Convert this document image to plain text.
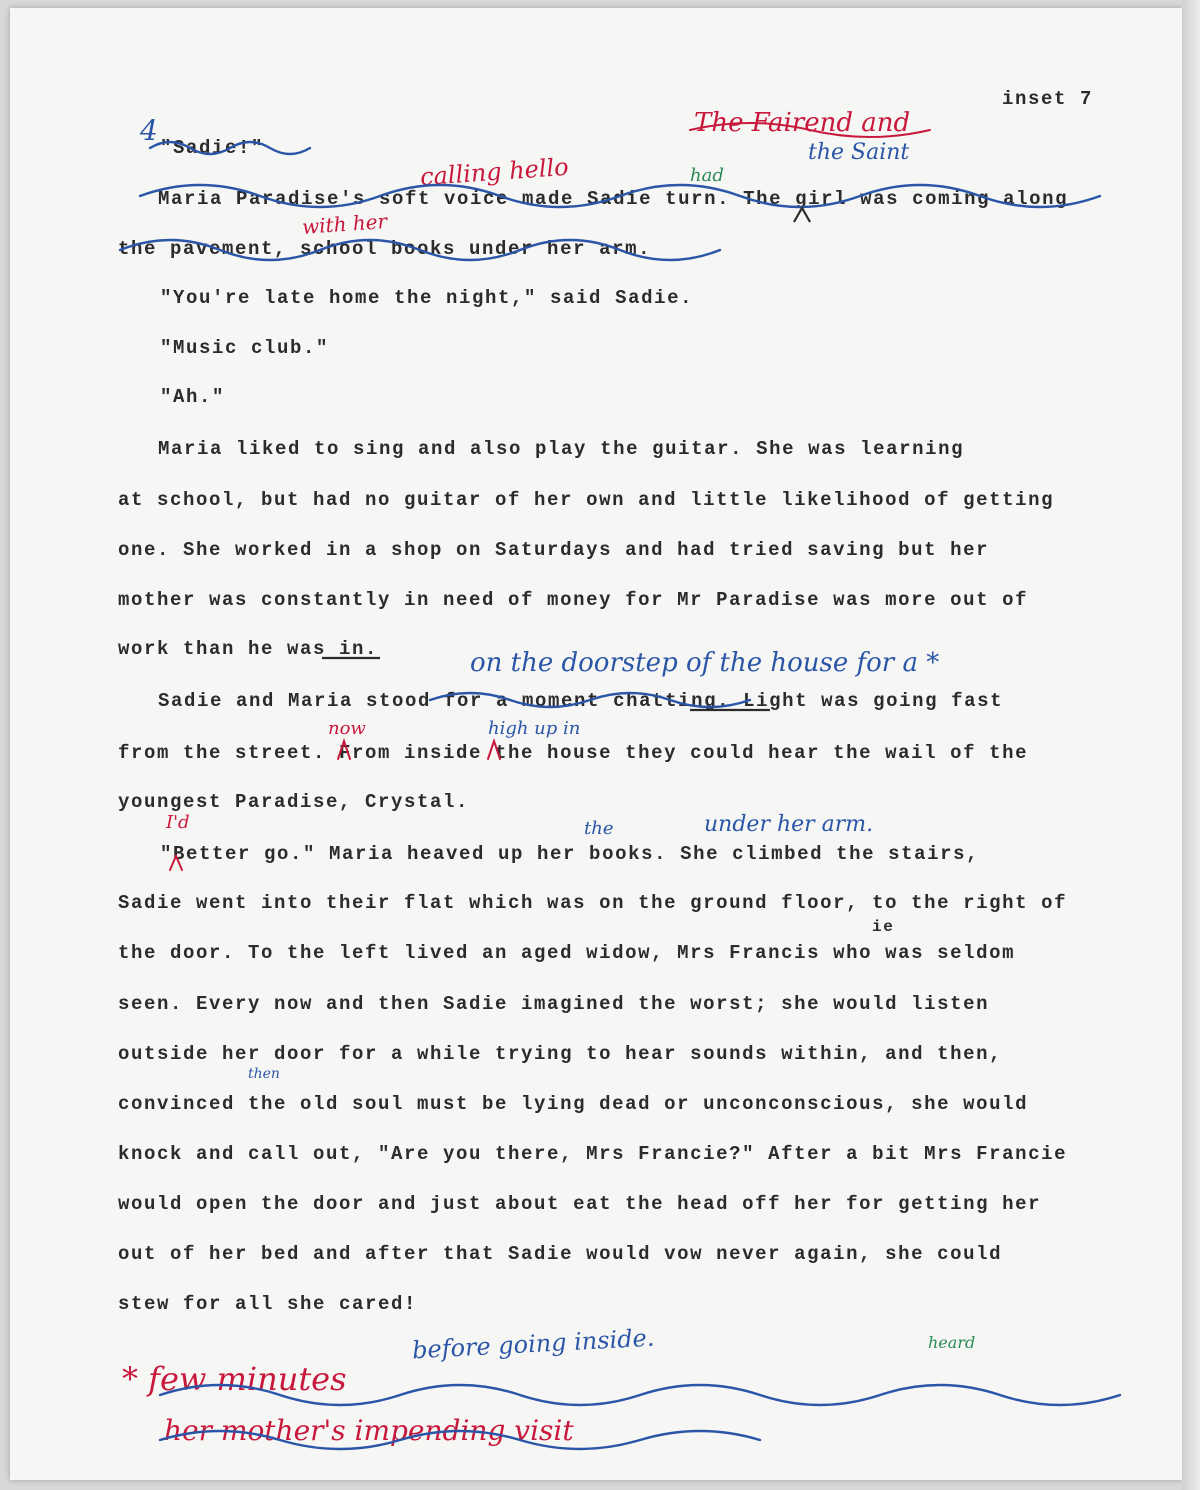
inset 7
"Sadie!"
Maria Paradise's soft voice made Sadie turn. The girl was coming along
the pavement, school books under her arm.
"You're late home the night," said Sadie.
"Music club."
"Ah."
Maria liked to sing and also play the guitar. She was learning
at school, but had no guitar of her own and little likelihood of getting
one. She worked in a shop on Saturdays and had tried saving but her
mother was constantly in need of money for Mr Paradise was more out of
work than he was in.
Sadie and Maria stood for a moment chatting. Light was going fast
from the street. From inside the house they could hear the wail of the
youngest Paradise, Crystal.
"Better go." Maria heaved up her books. She climbed the stairs,
Sadie went into their flat which was on the ground floor, to the right of
the door. To the left lived an aged widow, Mrs Francis who was seldom
seen. Every now and then Sadie imagined the worst; she would listen
outside her door for a while trying to hear sounds within, and then,
convinced the old soul must be lying dead or unconconscious, she would
knock and call out, "Are you there, Mrs Francie?" After a bit Mrs Francie
would open the door and just about eat the head off her for getting her
out of her bed and after that Sadie would vow never again, she could
stew for all she cared!
4	The Fairend and
the Saint
calling hello	had
with her
on the doorstep of the house for a *
now	high up in
I'd	the	under her arm.
ie
then
before going inside.	heard
* few minutes
her mother's impending visit
